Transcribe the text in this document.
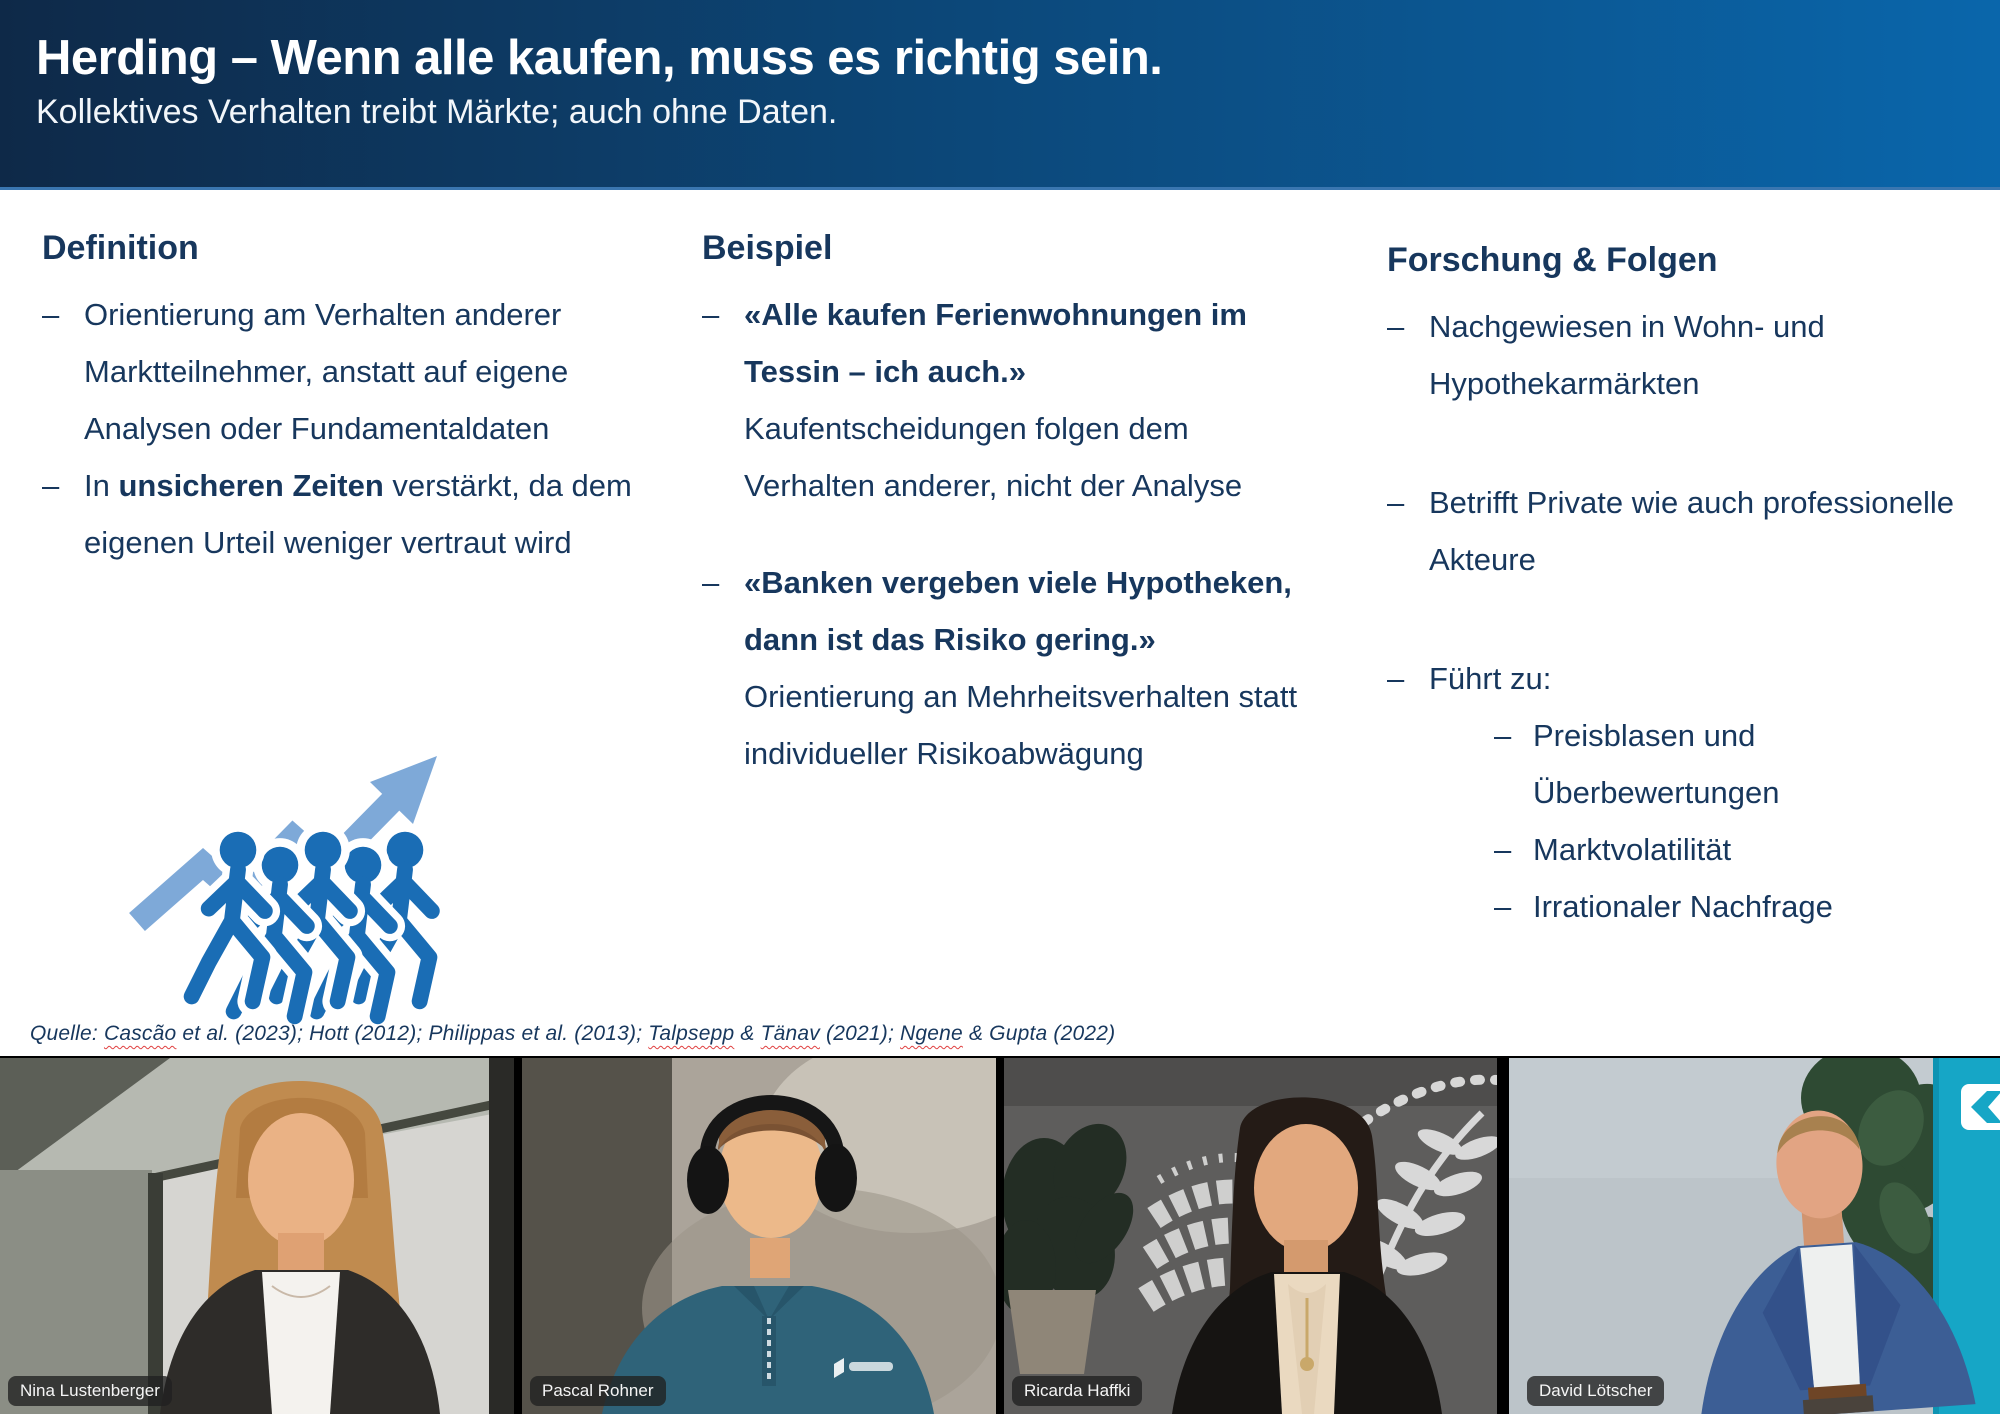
Herding – Wenn alle kaufen, muss es richtig sein.
Kollektives Verhalten treibt Märkte; auch ohne Daten.
Definition
– Orientierung am Verhalten anderer Marktteilnehmer, anstatt auf eigene Analysen oder Fundamentaldaten
– In unsicheren Zeiten verstärkt, da dem eigenen Urteil weniger vertraut wird
Beispiel
– «Alle kaufen Ferienwohnungen im Tessin – ich auch.»
Kaufentscheidungen folgen dem Verhalten anderer, nicht der Analyse
– «Banken vergeben viele Hypotheken, dann ist das Risiko gering.» Orientierung an Mehrheitsverhalten statt individueller Risikoabwägung
Forschung & Folgen
– Nachgewiesen in Wohn- und Hypothekarmärkten
– Betrifft Private wie auch professionelle Akteure
– Führt zu:
– Preisblasen und Überbewertungen
– Marktvolatilität
– Irrationaler Nachfrage
Quelle: Cascão et al. (2023); Hott (2012); Philippas et al. (2013); Talpsepp & Tänav (2021); Ngene & Gupta (2022)
Nina Lustenberger	Pascal Rohner	Ricarda Haffki	David Lötscher
